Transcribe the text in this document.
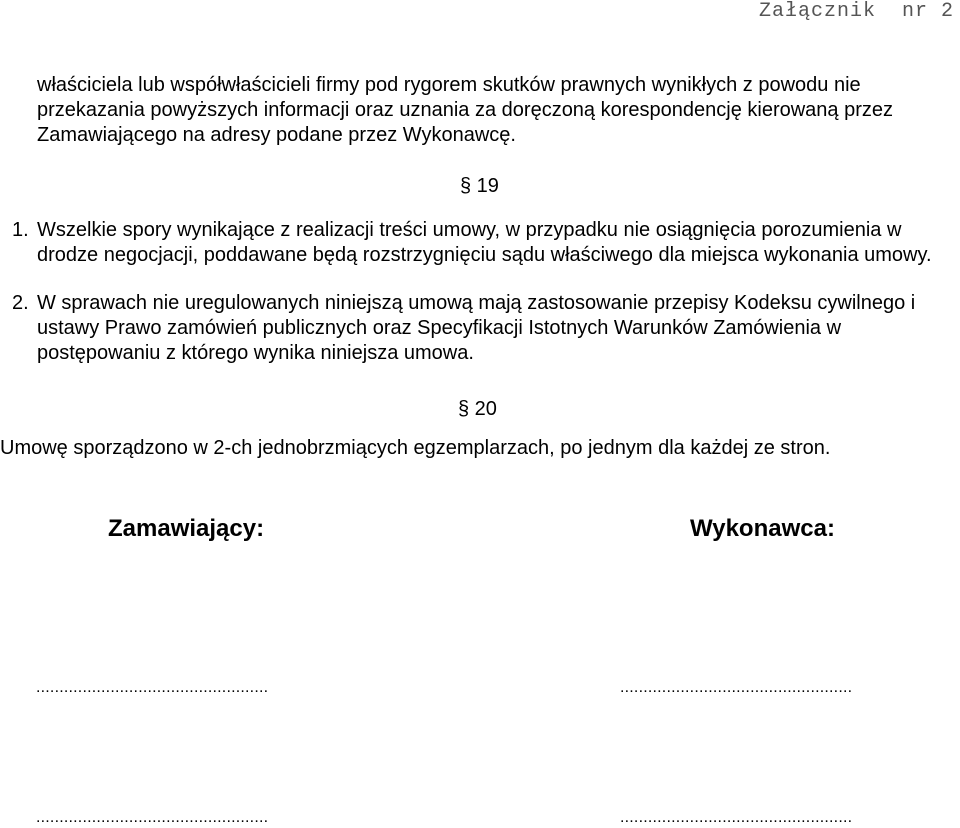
Załącznik  nr 2

właściciela lub współwłaścicieli firmy pod rygorem skutków prawnych wynikłych z powodu nie przekazania powyższych informacji oraz uznania za doręczoną korespondencję kierowaną przez Zamawiającego na adresy podane przez Wykonawcę.

§ 19
1. Wszelkie spory wynikające z realizacji treści umowy, w przypadku nie osiągnięcia porozumienia w drodze negocjacji, poddawane będą rozstrzygnięciu sądu właściwego dla miejsca wykonania umowy.
2. W sprawach nie uregulowanych niniejszą umową mają zastosowanie przepisy Kodeksu cywilnego i ustawy Prawo zamówień publicznych oraz Specyfikacji Istotnych Warunków Zamówienia w postępowaniu z którego wynika niniejsza umowa.
§ 20
Umowę sporządzono w 2-ch jednobrzmiących egzemplarzach, po jednym dla każdej ze stron.
Zamawiający:	Wykonawca:
..................................................	..................................................
..................................................	..................................................
